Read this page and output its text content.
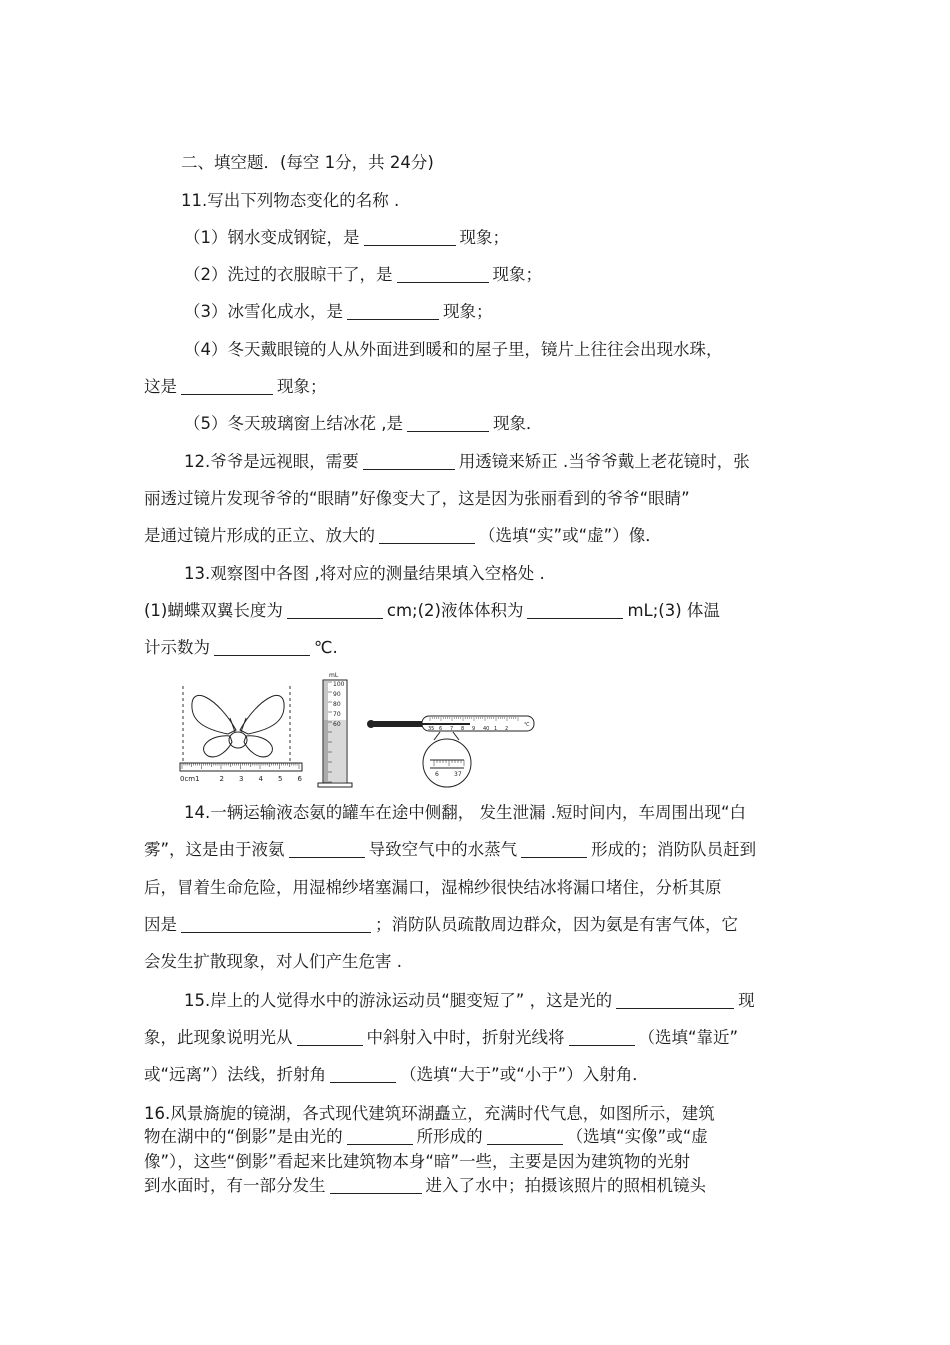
二、填空题．(每空 1分，共 24分)
11.写出下列物态变化的名称 .
（1）钢水变成钢锭，是	现象；
（2）洗过的衣服晾干了，是	现象；
（3）冰雪化成水，是	现象；
（4）冬天戴眼镜的人从外面进到暖和的屋子里，镜片上往往会出现水珠，
这是	现象；
（5）冬天玻璃窗上结冰花 ,是	现象．
12.爷爷是远视眼，需要	用透镜来矫正 .当爷爷戴上老花镜时，张
丽透过镜片发现爷爷的“眼睛”好像变大了，这是因为张丽看到的爷爷“眼睛”
是通过镜片形成的正立、放大的	（选填“实”或“虚”）像．
13.观察图中各图 ,将对应的测量结果填入空格处 .
(1)蝴蝶双翼长度为	cm;(2)液体体积为	mL;(3) 体温
计示数为	℃.
0cm1	2 3 4 5 6
mL
100
90
80
70
60
35 6 7 8 9 40 1 2
℃
6	37
14.一辆运输液态氨的罐车在途中侧翻， 发生泄漏 .短时间内，车周围出现“白
雾”，这是由于液氨	导致空气中的水蒸气	形成的；消防队员赶到
后，冒着生命危险，用湿棉纱堵塞漏口，湿棉纱很快结冰将漏口堵住，分析其原
因是	；消防队员疏散周边群众，因为氨是有害气体，它
会发生扩散现象，对人们产生危害 .
15.岸上的人觉得水中的游泳运动员“腿变短了” ，这是光的	现
象，此现象说明光从	中斜射入中时，折射光线将	（选填“靠近”
或“远离”）法线，折射角	（选填“大于”或“小于”）入射角．
16.风景旖旎的镜湖，各式现代建筑环湖矗立，充满时代气息，如图所示，建筑
物在湖中的“倒影”是由光的	所形成的	（选填“实像”或“虚
像”），这些“倒影”看起来比建筑物本身“暗”一些，主要是因为建筑物的光射
到水面时，有一部分发生	进入了水中；拍摄该照片的照相机镜头
